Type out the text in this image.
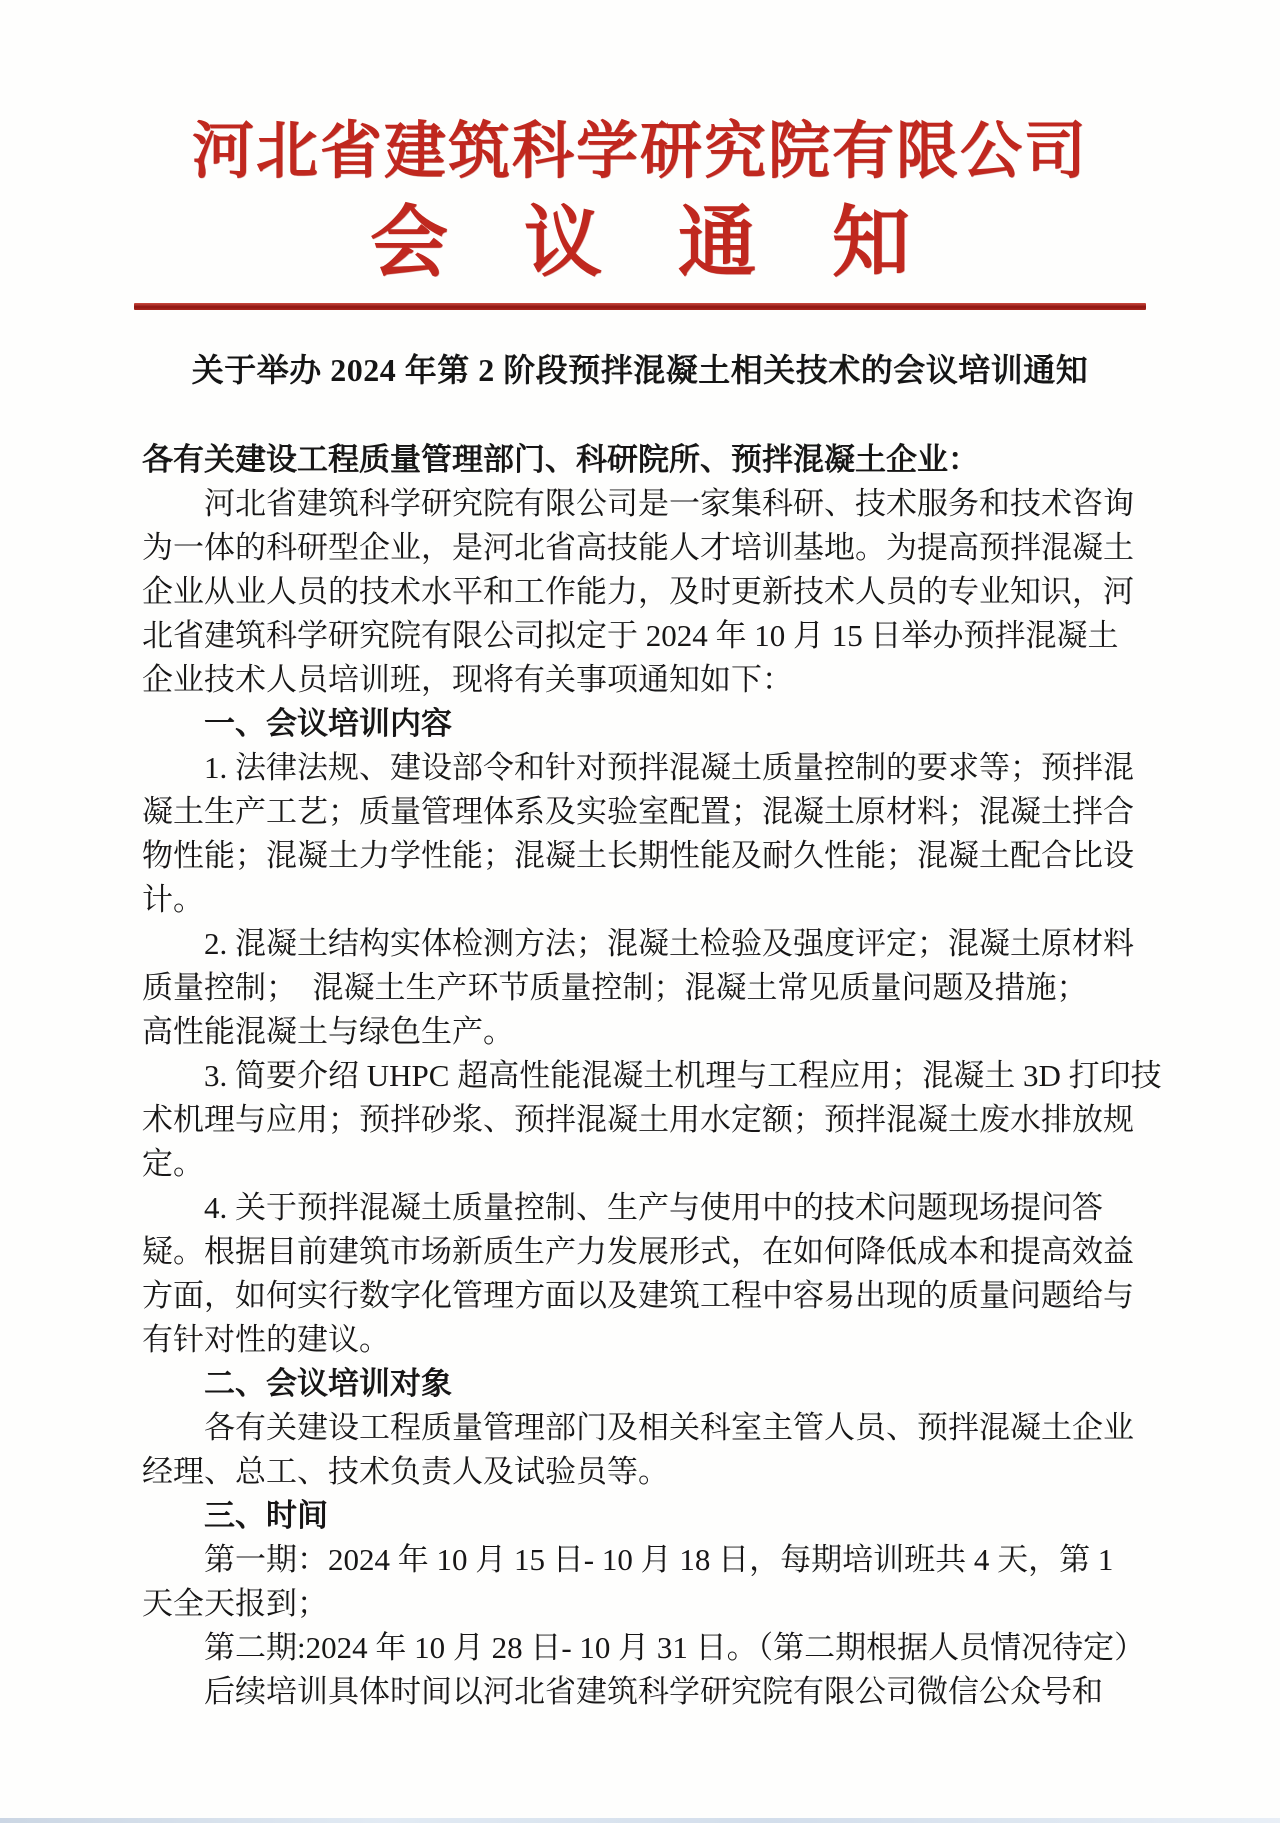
河北省建筑科学研究院有限公司
会议通知
关于举办 2024 年第 2 阶段预拌混凝土相关技术的会议培训通知
各有关建设工程质量管理部门、科研院所、预拌混凝土企业：
　　河北省建筑科学研究院有限公司是一家集科研、技术服务和技术咨询
为一体的科研型企业，是河北省高技能人才培训基地。为提高预拌混凝土
企业从业人员的技术水平和工作能力，及时更新技术人员的专业知识，河
北省建筑科学研究院有限公司拟定于 2024 年 10 月 15 日举办预拌混凝土
企业技术人员培训班，现将有关事项通知如下：
　　一、会议培训内容
　　1. 法律法规、建设部令和针对预拌混凝土质量控制的要求等；预拌混
凝土生产工艺；质量管理体系及实验室配置；混凝土原材料；混凝土拌合
物性能；混凝土力学性能；混凝土长期性能及耐久性能；混凝土配合比设
计。
　　2. 混凝土结构实体检测方法；混凝土检验及强度评定；混凝土原材料
质量控制；　混凝土生产环节质量控制；混凝土常见质量问题及措施；
高性能混凝土与绿色生产。
　　3. 简要介绍 UHPC 超高性能混凝土机理与工程应用；混凝土 3D 打印技
术机理与应用；预拌砂浆、预拌混凝土用水定额；预拌混凝土废水排放规
定。
　　4. 关于预拌混凝土质量控制、生产与使用中的技术问题现场提问答
疑。根据目前建筑市场新质生产力发展形式，在如何降低成本和提高效益
方面，如何实行数字化管理方面以及建筑工程中容易出现的质量问题给与
有针对性的建议。
　　二、会议培训对象
　　各有关建设工程质量管理部门及相关科室主管人员、预拌混凝土企业
经理、总工、技术负责人及试验员等。
　　三、时间
　　第一期：2024 年 10 月 15 日- 10 月 18 日，每期培训班共 4 天，第 1
天全天报到；
　　第二期:2024 年 10 月 28 日- 10 月 31 日。（第二期根据人员情况待定）
　　后续培训具体时间以河北省建筑科学研究院有限公司微信公众号和
